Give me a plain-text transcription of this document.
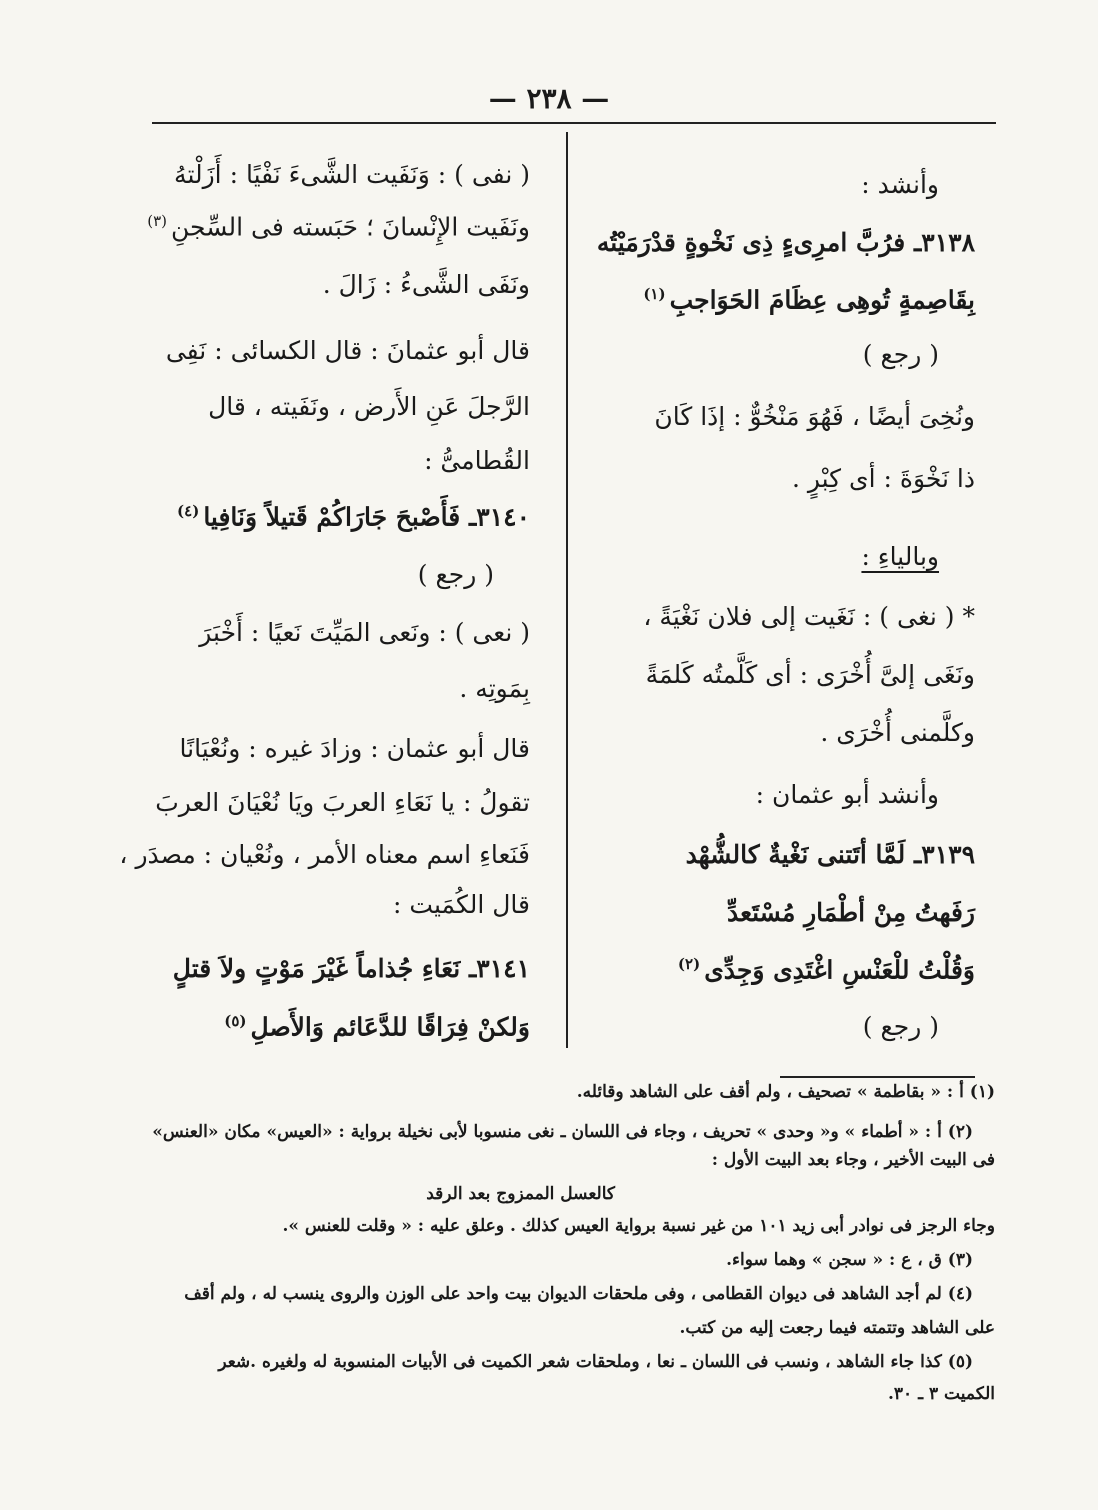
— ٢٣٨ —
وأنشد :
٣١٣٨ـ فرُبَّ امرِىءٍ ذِى نَخْوةٍ قدْرَمَيْتُه
بِقَاصِمةٍ تُوهِى عِظَامَ الحَوَاجبِ$^{(١)}$
( رجع )
ونُخِىَ أيضًا ، فَهُوَ مَنْخُوٌّ : إذَا كَانَ
ذا نَخْوَةَ : أى كِبْرٍ .
وبالياءِ :
* ( نغى ) : نَغَيت إلى فلان نَغْيَةً ،
ونَغَى إلىَّ أُخْرَى : أى كَلَّمتُه كَلمَةً
وكلَّمنى أُخْرَى .
وأنشد أبو عثمان :
٣١٣٩ـ لَمَّا أتَتنى نَغْيةٌ كالشُّهْد
رَفَهتُ مِنْ أطْمَارِ مُسْتَعدِّ
وَقُلْتُ للْعَنْسِ اغْتَدِى وَجِدِّى$^{(٢)}$
( رجع )
( نفى ) : وَنَفَيت الشَّىءَ نَفْيًا : أَزَلْتهُ
ونَفَيت الإِنْسانَ ؛ حَبَسته فى السِّجنِ$^{(٣)}$
ونَفَى الشَّىءُ : زَالَ .
قال أبو عثمانَ : قال الكسائى : نَفِى
الرَّجلَ عَنِ الأَرض ، ونَفَيته ، قال
القُطامىُّ :
٣١٤٠ـ فَأَصْبحَ جَارَاكُمْ قَتيلاً وَنَافِيا$^{(٤)}$
( رجع )
( نعى ) : ونَعى المَيِّتَ نَعيًا : أَخْبَرَ
بِمَوتِه .
قال أبو عثمان : وزادَ غيره : ونُعْيَانًا
تقولُ : يا نَعَاءِ العربَ ويَا نُعْيَانَ العربَ
فَنَعاءِ اسم معناه الأمر ، ونُعْيان : مصدَر ،
قال الكُمَيت :
٣١٤١ـ نَعَاءِ جُذاماً غَيْرَ مَوْتٍ ولاَ قتلٍ
وَلكنْ فِرَاقًا للدَّعَائم وَالأَصلِ$^{(٥)}$
(١) أ : « بقاطمة » تصحيف ، ولم أقف على الشاهد وقائله.
(٢) أ : « أطماء » و« وحدى » تحريف ، وجاء فى اللسان ـ نغى منسوبا لأبى نخيلة برواية : «العيس» مكان «العنس»
فى البيت الأخير ، وجاء بعد البيت الأول :
كالعسل الممزوج بعد الرقد
وجاء الرجز فى نوادر أبى زيد ١٠١ من غير نسبة برواية العيس كذلك . وعلق عليه : « وقلت للعنس ».
(٣) ق ، ع : « سجن » وهما سواء.
(٤) لم أجد الشاهد فى ديوان القطامى ، وفى ملحقات الديوان بيت واحد على الوزن والروى ينسب له ، ولم أقف
على الشاهد وتتمته فيما رجعت إليه من كتب.
(٥) كذا جاء الشاهد ، ونسب فى اللسان ـ نعا ، وملحقات شعر الكميت فى الأبيات المنسوبة له ولغيره .شعر
الكميت ٣ ـ ٣٠.
